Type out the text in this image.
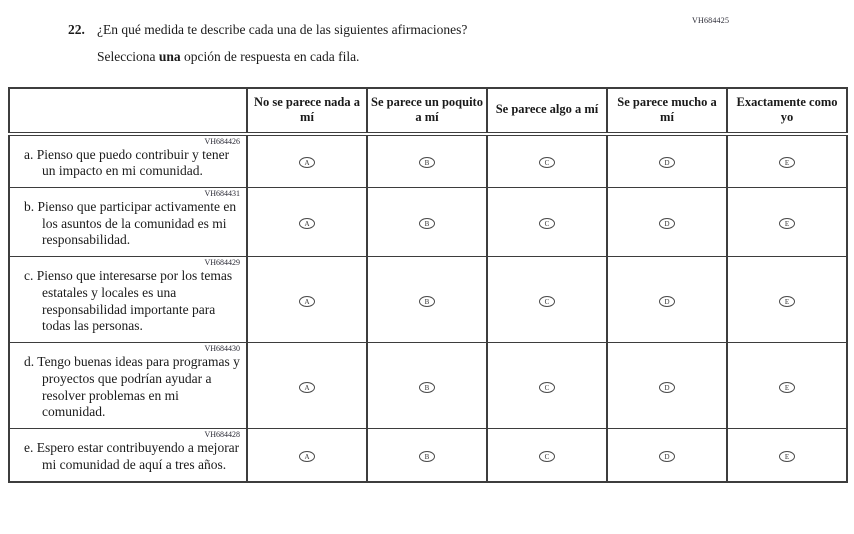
VH684425
22. ¿En qué medida te describe cada una de las siguientes afirmaciones?
Selecciona una opción de respuesta en cada fila.
	No se parece nada a mí	Se parece un poquito a mí	Se parece algo a mí	Se parece mucho a mí	Exactamente como yo

VH684426
a. Pienso que puedo contribuir y tener un impacto en mi comunidad.	A	B	C	D	E

VH684431
b. Pienso que participar activamente en los asuntos de la comunidad es mi responsabilidad.	A	B	C	D	E

VH684429
c. Pienso que interesarse por los temas estatales y locales es una responsabilidad importante para todas las personas.	A	B	C	D	E

VH684430
d. Tengo buenas ideas para programas y proyectos que podrían ayudar a resolver problemas en mi comunidad.	A	B	C	D	E

VH684428
e. Espero estar contribuyendo a mejorar mi comunidad de aquí a tres años.	A	B	C	D	E
